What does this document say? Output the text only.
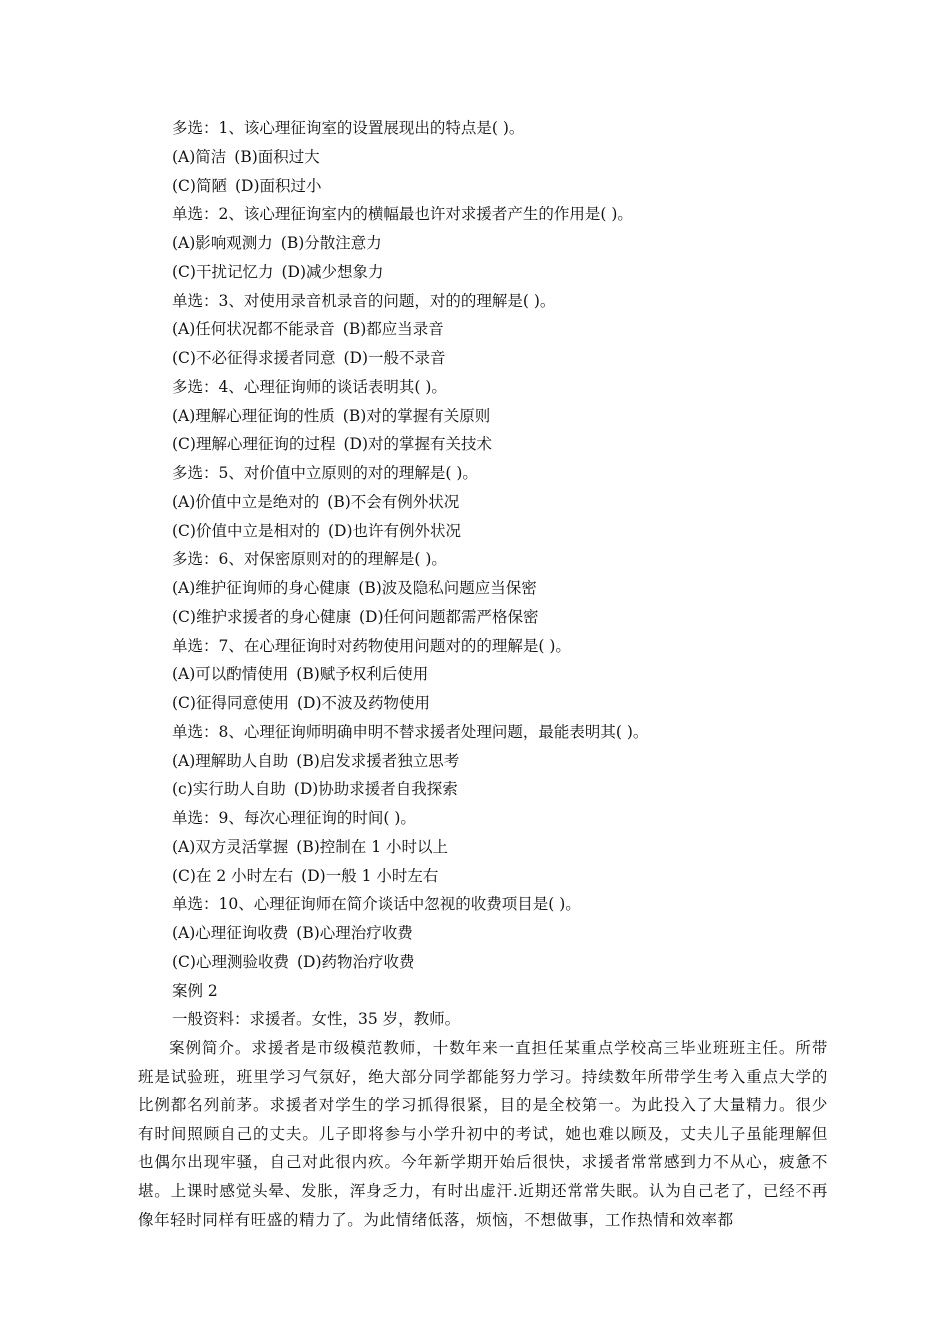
多选：1、该心理征询室的设置展现出的特点是( )。
(A)简洁 (B)面积过大
(C)简陋 (D)面积过小
单选：2、该心理征询室内的横幅最也许对求援者产生的作用是( )。
(A)影响观测力 (B)分散注意力
(C)干扰记忆力 (D)减少想象力
单选：3、对使用录音机录音的问题，对的的理解是( )。
(A)任何状况都不能录音 (B)都应当录音
(C)不必征得求援者同意 (D)一般不录音
多选：4、心理征询师的谈话表明其( )。
(A)理解心理征询的性质 (B)对的掌握有关原则
(C)理解心理征询的过程 (D)对的掌握有关技术
多选：5、对价值中立原则的对的理解是( )。
(A)价值中立是绝对的 (B)不会有例外状况
(C)价值中立是相对的 (D)也许有例外状况
多选：6、对保密原则对的的理解是( )。
(A)维护征询师的身心健康 (B)波及隐私问题应当保密
(C)维护求援者的身心健康 (D)任何问题都需严格保密
单选：7、在心理征询时对药物使用问题对的的理解是( )。
(A)可以酌情使用 (B)赋予权利后使用
(C)征得同意使用 (D)不波及药物使用
单选：8、心理征询师明确申明不替求援者处理问题，最能表明其( )。
(A)理解助人自助 (B)启发求援者独立思考
(c)实行助人自助 (D)协助求援者自我探索
单选：9、每次心理征询的时间( )。
(A)双方灵活掌握 (B)控制在 1 小时以上
(C)在 2 小时左右 (D)一般 1 小时左右
单选：10、心理征询师在简介谈话中忽视的收费项目是( )。
(A)心理征询收费 (B)心理治疗收费
(C)心理测验收费 (D)药物治疗收费
案例 2
一般资料：求援者。女性，35 岁，教师。
案例简介。求援者是市级模范教师，十数年来一直担任某重点学校高三毕业班班主任。所带班是试验班，班里学习气氛好，绝大部分同学都能努力学习。持续数年所带学生考入重点大学的比例都名列前茅。求援者对学生的学习抓得很紧，目的是全校第一。为此投入了大量精力。很少有时间照顾自己的丈夫。儿子即将参与小学升初中的考试，她也难以顾及，丈夫儿子虽能理解但也偶尔出现牢骚，自己对此很内疚。今年新学期开始后很快，求援者常常感到力不从心，疲惫不堪。上课时感觉头晕、发胀，浑身乏力，有时出虚汗.近期还常常失眠。认为自己老了，已经不再像年轻时同样有旺盛的精力了。为此情绪低落，烦恼，不想做事，工作热情和效率都
